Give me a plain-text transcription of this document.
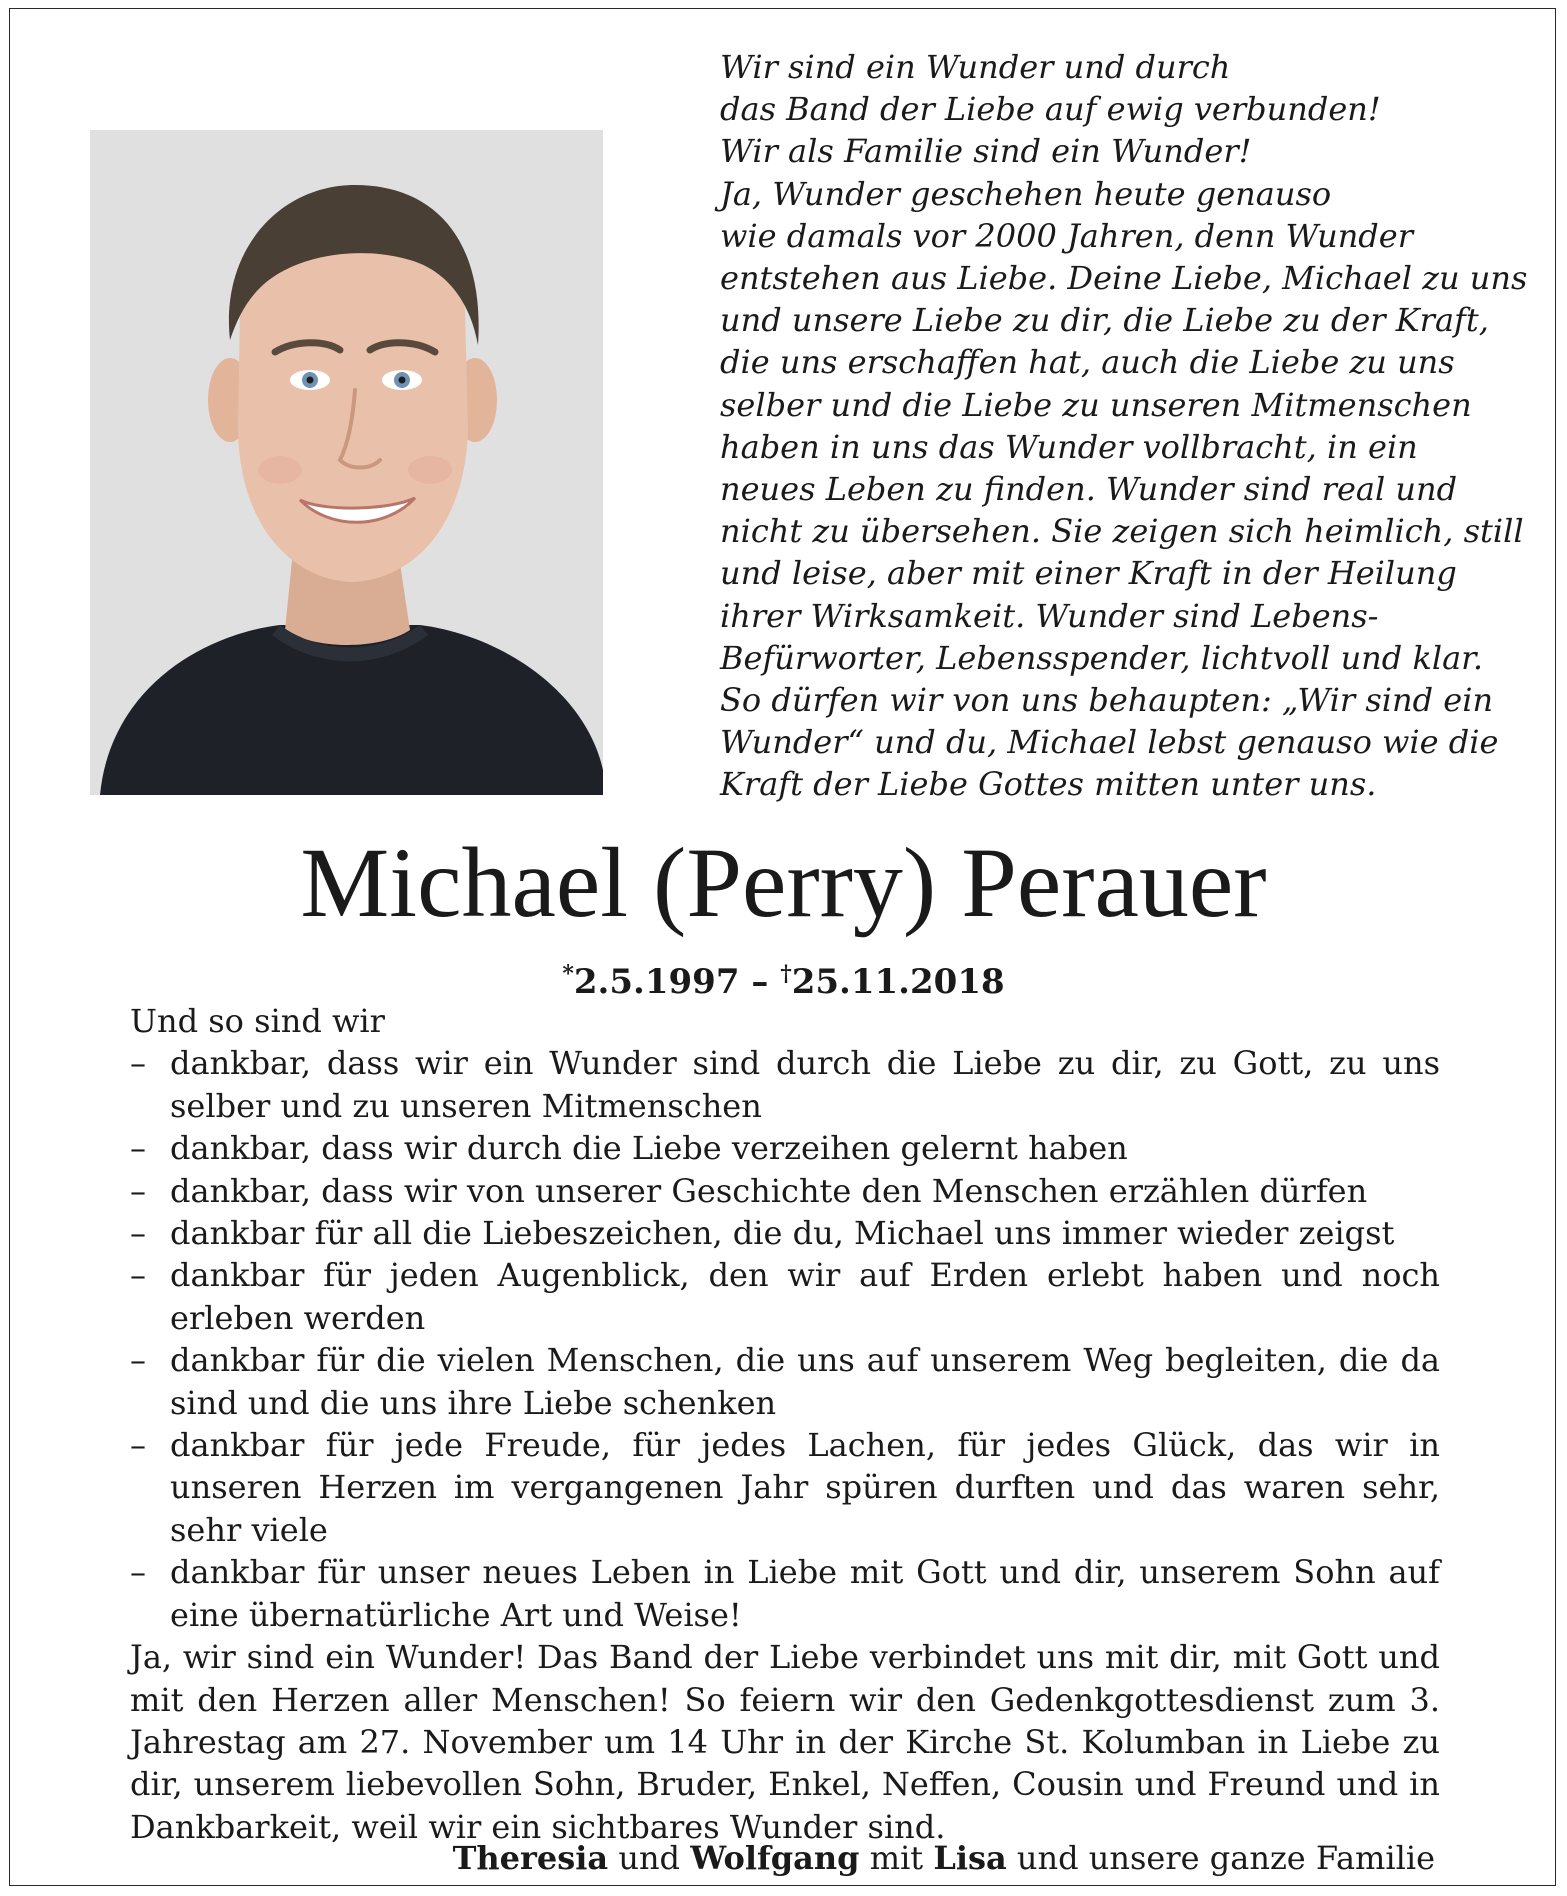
Wir sind ein Wunder und durch
das Band der Liebe auf ewig verbunden!
Wir als Familie sind ein Wunder!
Ja, Wunder geschehen heute genauso
wie damals vor 2000 Jahren, denn Wunder
entstehen aus Liebe. Deine Liebe, Michael zu uns
und unsere Liebe zu dir, die Liebe zu der Kraft,
die uns erschaffen hat, auch die Liebe zu uns
selber und die Liebe zu unseren Mitmenschen
haben in uns das Wunder vollbracht, in ein
neues Leben zu finden. Wunder sind real und
nicht zu übersehen. Sie zeigen sich heimlich, still
und leise, aber mit einer Kraft in der Heilung
ihrer Wirksamkeit. Wunder sind Lebens-
Befürworter, Lebensspender, lichtvoll und klar.
So dürfen wir von uns behaupten: „Wir sind ein
Wunder“ und du, Michael lebst genauso wie die
Kraft der Liebe Gottes mitten unter uns.
Michael (Perry) Perauer
*2.5.1997 – †25.11.2018
Und so sind wir
– dankbar, dass wir ein Wunder sind durch die Liebe zu dir, zu Gott, zu uns selber und zu unseren Mitmenschen
– dankbar, dass wir durch die Liebe verzeihen gelernt haben
– dankbar, dass wir von unserer Geschichte den Menschen erzählen dürfen
– dankbar für all die Liebeszeichen, die du, Michael uns immer wieder zeigst
– dankbar für jeden Augenblick, den wir auf Erden erlebt haben und noch erleben werden
– dankbar für die vielen Menschen, die uns auf unserem Weg begleiten, die da sind und die uns ihre Liebe schenken
– dankbar für jede Freude, für jedes Lachen, für jedes Glück, das wir in unseren Herzen im vergangenen Jahr spüren durften und das waren sehr, sehr viele
– dankbar für unser neues Leben in Liebe mit Gott und dir, unserem Sohn auf eine übernatürliche Art und Weise!
Ja, wir sind ein Wunder! Das Band der Liebe verbindet uns mit dir, mit Gott und mit den Herzen aller Menschen! So feiern wir den Gedenkgottesdienst zum 3. Jahrestag am 27. November um 14 Uhr in der Kirche St. Kolumban in Liebe zu dir, unserem liebevollen Sohn, Bruder, Enkel, Neffen, Cousin und Freund und in Dankbarkeit, weil wir ein sichtbares Wunder sind.
Theresia und Wolfgang mit Lisa und unsere ganze Familie
